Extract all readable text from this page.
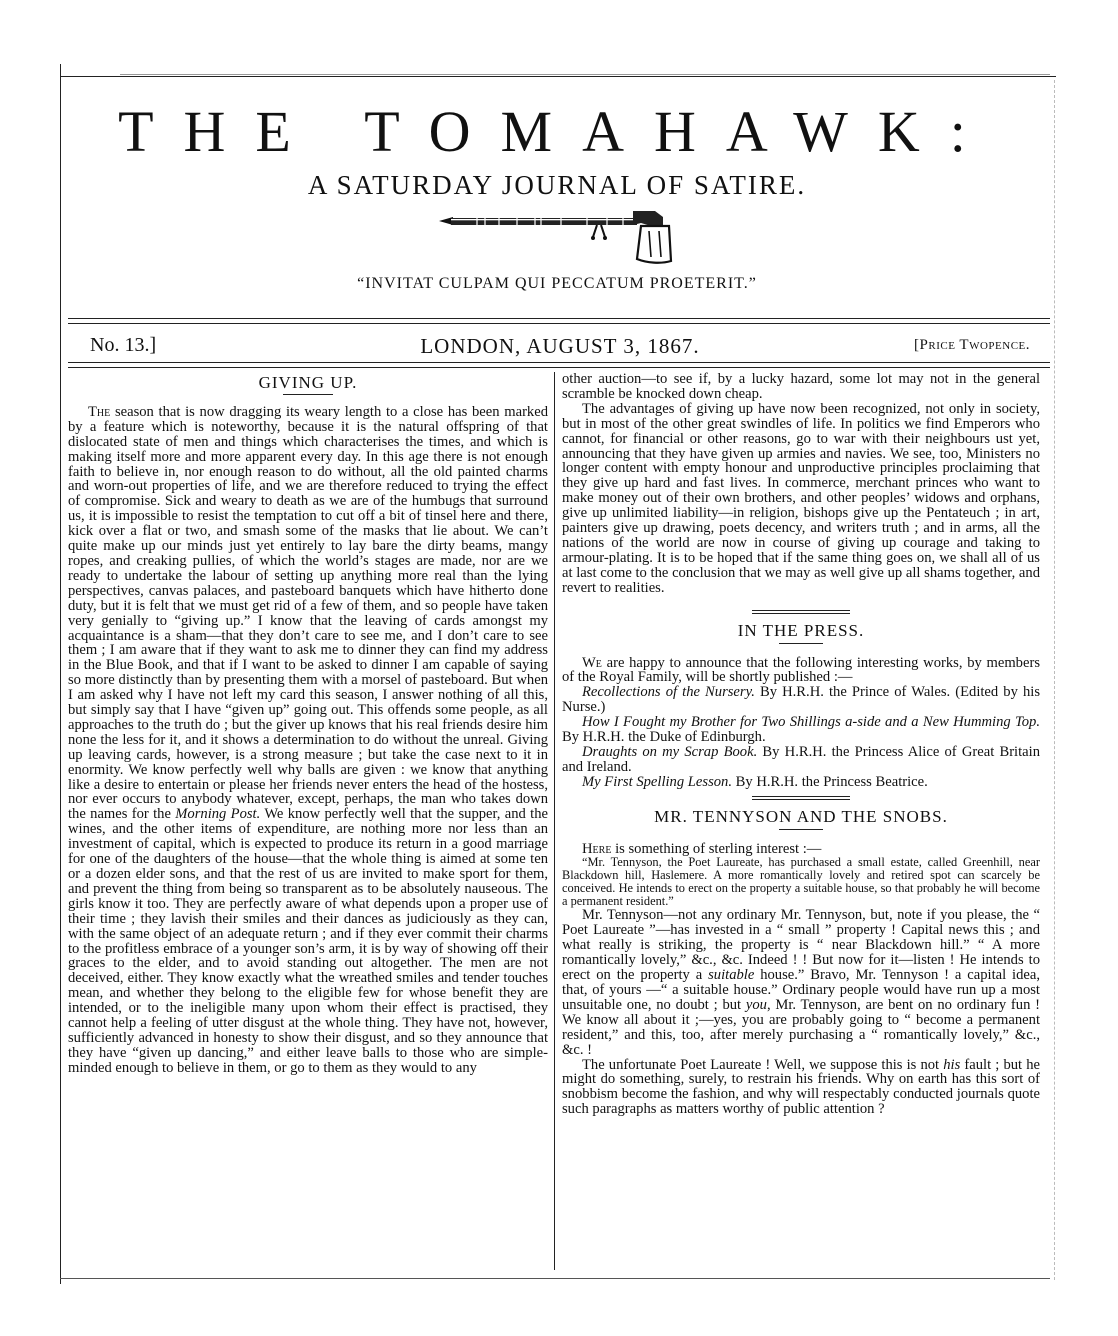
THE TOMAHAWK:
A SATURDAY JOURNAL OF SATIRE.
“INVITAT CULPAM QUI PECCATUM PROETERIT.”
No. 13.]	LONDON, AUGUST 3, 1867.	[Price Twopence.
GIVING UP.

The season that is now dragging its weary length to a close has been marked by a feature which is noteworthy, because it is the natural offspring of that dislocated state of men and things which characterises the times, and which is making itself more and more apparent every day. In this age there is not enough faith to believe in, nor enough reason to do without, all the old painted charms and worn-out properties of life, and we are therefore reduced to trying the effect of compromise. Sick and weary to death as we are of the humbugs that surround us, it is impossible to resist the temptation to cut off a bit of tinsel here and there, kick over a flat or two, and smash some of the masks that lie about. We can’t quite make up our minds just yet entirely to lay bare the dirty beams, mangy ropes, and creaking pullies, of which the world’s stages are made, nor are we ready to undertake the labour of setting up anything more real than the lying perspectives, canvas palaces, and pasteboard banquets which have hitherto done duty, but it is felt that we must get rid of a few of them, and so people have taken very genially to “giving up.” I know that the leaving of cards amongst my acquaintance is a sham—that they don’t care to see me, and I don’t care to see them ; I am aware that if they want to ask me to dinner they can find my address in the Blue Book, and that if I want to be asked to dinner I am capable of saying so more distinctly than by presenting them with a morsel of pasteboard. But when I am asked why I have not left my card this season, I answer nothing of all this, but simply say that I have “given up” going out. This offends some people, as all approaches to the truth do ; but the giver up knows that his real friends desire him none the less for it, and it shows a determination to do without the unreal. Giving up leaving cards, however, is a strong measure ; but take the case next to it in enormity. We know perfectly well why balls are given : we know that anything like a desire to entertain or please her friends never enters the head of the hostess, nor ever occurs to anybody whatever, except, perhaps, the man who takes down the names for the Morning Post. We know perfectly well that the supper, and the wines, and the other items of expenditure, are nothing more nor less than an investment of capital, which is expected to produce its return in a good marriage for one of the daughters of the house—that the whole thing is aimed at some ten or a dozen elder sons, and that the rest of us are invited to make sport for them, and prevent the thing from being so transparent as to be absolutely nauseous. The girls know it too. They are perfectly aware of what depends upon a proper use of their time ; they lavish their smiles and their dances as judiciously as they can, with the same object of an adequate return ; and if they ever commit their charms to the profitless embrace of a younger son’s arm, it is by way of showing off their graces to the elder, and to avoid standing out altogether. The men are not deceived, either. They know exactly what the wreathed smiles and tender touches mean, and whether they belong to the eligible few for whose benefit they are intended, or to the ineligible many upon whom their effect is practised, they cannot help a feeling of utter disgust at the whole thing. They have not, however, sufficiently advanced in honesty to show their disgust, and so they announce that they have “given up dancing,” and either leave balls to those who are simple-minded enough to believe in them, or go to them as they would to any

other auction—to see if, by a lucky hazard, some lot may not in the general scramble be knocked down cheap.

The advantages of giving up have now been recognized, not only in society, but in most of the other great swindles of life. In politics we find Emperors who cannot, for financial or other reasons, go to war with their neighbours ust yet, announcing that they have given up armies and navies. We see, too, Ministers no longer content with empty honour and unproductive principles proclaiming that they give up hard and fast lives. In commerce, merchant princes who want to make money out of their own brothers, and other peoples’ widows and orphans, give up unlimited liability—in religion, bishops give up the Pentateuch ; in art, painters give up drawing, poets decency, and writers truth ; and in arms, all the nations of the world are now in course of giving up courage and taking to armour-plating. It is to be hoped that if the same thing goes on, we shall all of us at last come to the conclusion that we may as well give up all shams together, and revert to realities.

IN THE PRESS.

We are happy to announce that the following interesting works, by members of the Royal Family, will be shortly published :—

Recollections of the Nursery. By H.R.H. the Prince of Wales. (Edited by his Nurse.)

How I Fought my Brother for Two Shillings a-side and a New Humming Top. By H.R.H. the Duke of Edinburgh.

Draughts on my Scrap Book. By H.R.H. the Princess Alice of Great Britain and Ireland.

My First Spelling Lesson. By H.R.H. the Princess Beatrice.

MR. TENNYSON AND THE SNOBS.

Here is something of sterling interest :—

“Mr. Tennyson, the Poet Laureate, has purchased a small estate, called Greenhill, near Blackdown hill, Haslemere. A more romantically lovely and retired spot can scarcely be conceived. He intends to erect on the property a suitable house, so that probably he will become a permanent resident.”

Mr. Tennyson—not any ordinary Mr. Tennyson, but, note if you please, the “ Poet Laureate ”—has invested in a “ small ” property ! Capital news this ; and what really is striking, the property is “ near Blackdown hill.” “ A more romantically lovely,” &c., &c. Indeed ! ! But now for it—listen ! He intends to erect on the property a suitable house.” Bravo, Mr. Tennyson ! a capital idea, that, of yours —“ a suitable house.” Ordinary people would have run up a most unsuitable one, no doubt ; but you, Mr. Tennyson, are bent on no ordinary fun ! We know all about it ;—yes, you are probably going to “ become a permanent resident,” and this, too, after merely purchasing a “ romantically lovely,” &c., &c. !

The unfortunate Poet Laureate ! Well, we suppose this is not his fault ; but he might do something, surely, to restrain his friends. Why on earth has this sort of snobbism become the fashion, and why will respectably conducted journals quote such paragraphs as matters worthy of public attention ?
